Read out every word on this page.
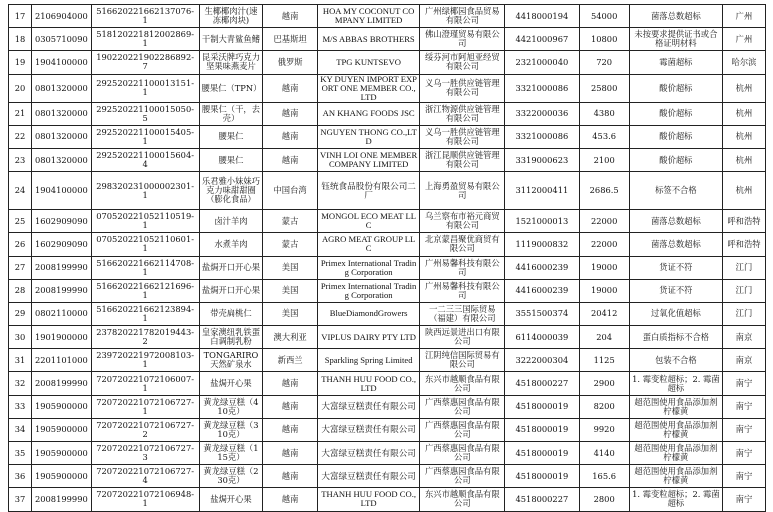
17	2106904000	516620221662137076-1	生椰椰肉汁(速冻椰肉块)	越南	HOA MY COCONUT COMPANY LIMITED	广州绿椰园食品贸易有限公司	4418000194	54000	菌落总数超标	广州
18	0305710090	518120221812002869-1	干制大青鲨鱼鳍	巴基斯坦	M/S ABBAS BROTHERS	佛山澄瑾贸易有限公司	4421000967	10800	未按要求提供证书或合格证明材料	广州
19	1904100000	190220221902286892-7	昆采沃牌巧克力坚果味燕麦片	俄罗斯	TPG KUNTSEVO	绥芬河市阿旭亚经贸有限公司	2321000040	720	霉菌超标	哈尔滨
20	0801320000	292520221100013151-1	腰果仁（TPN）	越南	KY DUYEN IMPORT EXPORT ONE MEMBER CO.,LTD	义乌一胜供应链管理有限公司	3321000086	25800	酸价超标	杭州
21	0801320000	292520221100015050-5	腰果仁（干，去壳）	越南	AN KHANG FOODS JSC	浙江物源供应链管理有限公司	3322000036	4380	酸价超标	杭州
22	0801320000	292520221100015405-1	腰果仁	越南	NGUYEN THONG CO.,LTD	义乌一胜供应链管理有限公司	3321000086	453.6	酸价超标	杭州
23	0801320000	292520221100015604-4	腰果仁	越南	VINH LOI ONE MEMBER COMPANY LIMITED	浙江昆顺供应链管理有限公司	3319000623	2100	酸价超标	杭州
24	1904100000	298320231000002301-1	乐君雅小妹妹巧克力味甜甜圈（膨化食品）	中国台湾	钰统食品股份有限公司二厂	上海勇盈贸易有限公司	3112000411	2686.5	标签不合格	杭州
25	1602909090	070520221052110519-1	卤汁羊肉	蒙古	MONGOL ECO MEAT LLC	乌兰察布市裕元商贸有限公司	1521000013	22000	菌落总数超标	呼和浩特
26	1602909090	070520221052110601-1	水煮羊肉	蒙古	AGRO MEAT GROUP LLC	北京蒙昌聚优商贸有限公司	1119000832	22000	菌落总数超标	呼和浩特
27	2008199990	516620221662114708-1	盐焗开口开心果	美国	Primex International Trading Corporation	广州易馨科技有限公司	4416000239	19000	货证不符	江门
28	2008199990	516620221662121696-1	盐焗开口开心果	美国	Primex International Trading Corporation	广州易馨科技有限公司	4416000239	19000	货证不符	江门
29	0802110000	516620221662123894-1	带壳扁桃仁	美国	BlueDiamondGrowers	一二三三国际贸易（福建）有限公司	3551500374	20412	过氧化值超标	江门
30	1901900000	237820221782019443-2	皇家澳纽乳铁蛋白调制乳粉	澳大利亚	VIPLUS DAIRY PTY LTD	陕西远景进出口有限公司	6114000039	204	蛋白质指标不合格	南京
31	2201101000	239720221972008103-1	TONGARIRO天然矿泉水	新西兰	Sparkling Spring Limited	江阴纯信国际贸易有限公司	3222000304	1125	包装不合格	南京
32	2008199990	720720221072106007-1	盐焗开心果	越南	THANH HUU FOOD CO.,LTD	东兴市越顺食品有限公司	4518000227	2900	1. 霉变粒超标；2. 霉菌超标	南宁
33	1905900000	720720221072106727-1	黄龙绿豆糕（410克）	越南	大富绿豆糕责任有限公司	广西蔡惠园食品有限公司	4518000019	8200	超范围使用食品添加剂柠檬黄	南宁
34	1905900000	720720221072106727-2	黄龙绿豆糕（310克）	越南	大富绿豆糕责任有限公司	广西蔡惠园食品有限公司	4518000019	9920	超范围使用食品添加剂柠檬黄	南宁
35	1905900000	720720221072106727-3	黄龙绿豆糕（115克）	越南	大富绿豆糕责任有限公司	广西蔡惠园食品有限公司	4518000019	4140	超范围使用食品添加剂柠檬黄	南宁
36	1905900000	720720221072106727-4	黄龙绿豆糕（230克）	越南	大富绿豆糕责任有限公司	广西蔡惠园食品有限公司	4518000019	165.6	超范围使用食品添加剂柠檬黄	南宁
37	2008199990	720720221072106948-1	盐焗开心果	越南	THANH HUU FOOD CO.,LTD	东兴市越顺食品有限公司	4518000227	2800	1. 霉变粒超标；2. 霉菌超标	南宁
